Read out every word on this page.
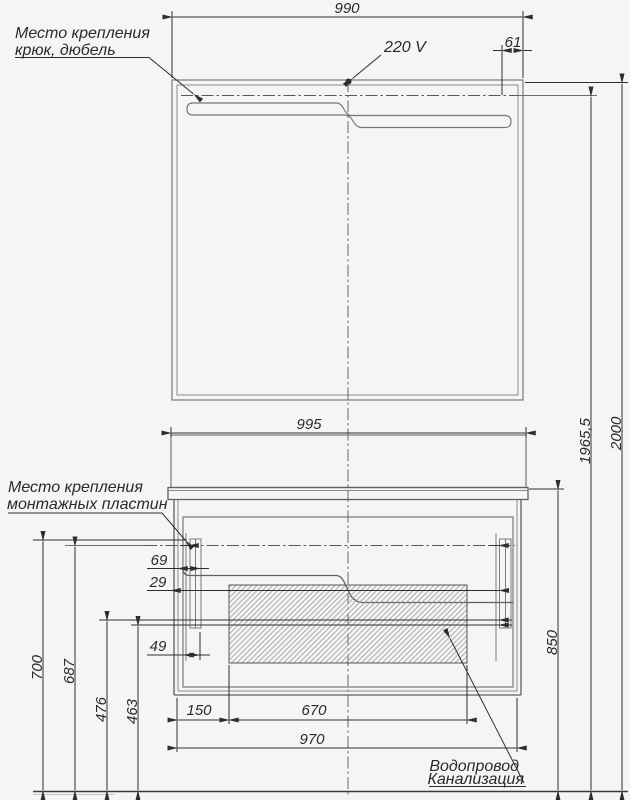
990
61
220 V
Место крепления
крюк, дюбель
995	2000
1965,5
850
700 687
476 463
69
29
49
150	670
970
Место крепления
монтажных пластин
Водопровод
Канализация
